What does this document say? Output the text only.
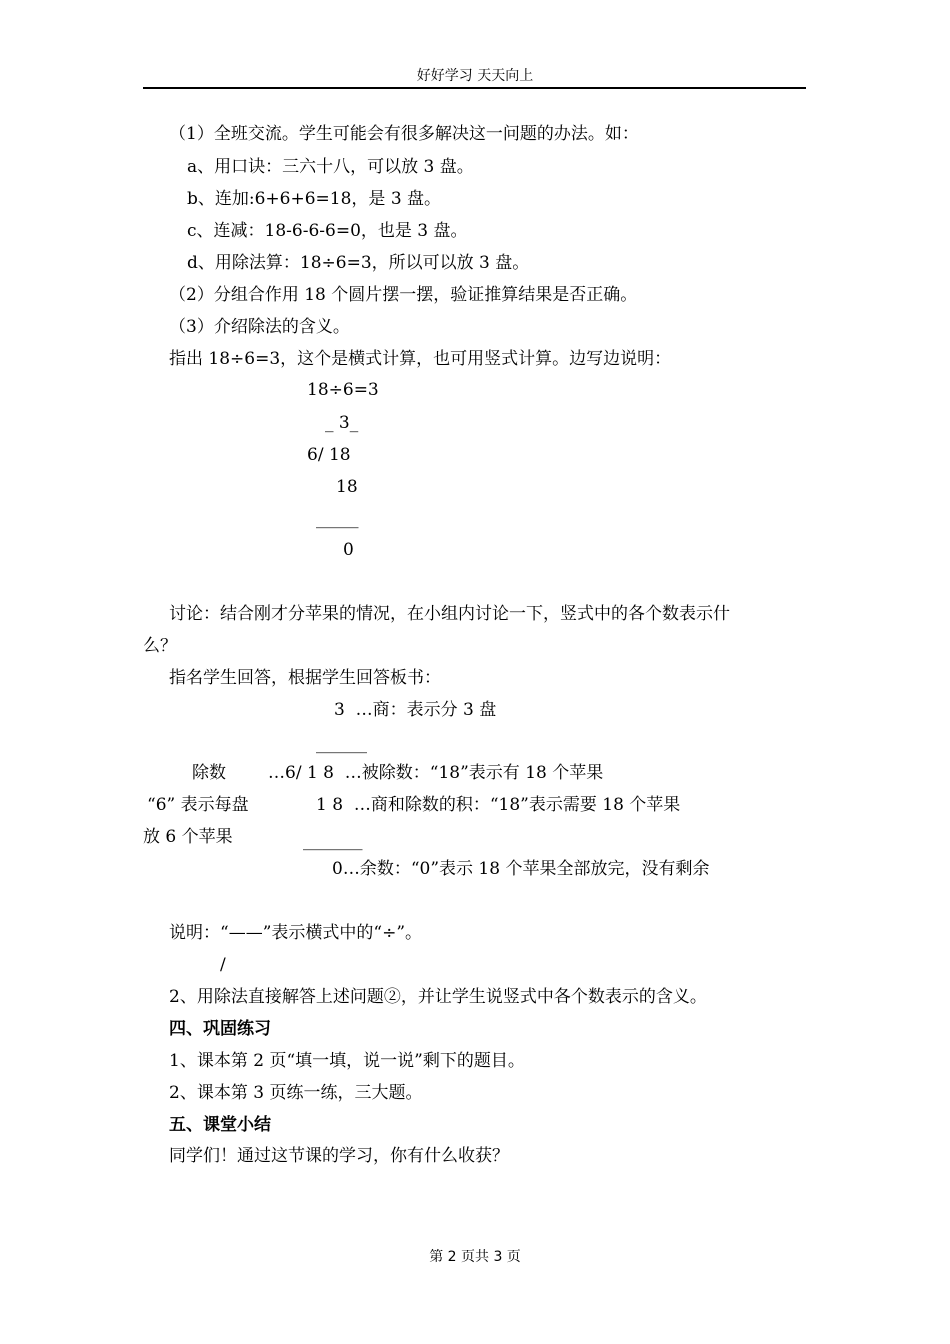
好好学习 天天向上
（1）全班交流。学生可能会有很多解决这一问题的办法。如：
a、用口诀：三六十八，可以放 3 盘。
b、连加:6+6+6=18，是 3 盘。
c、连减：18-6-6-6=0，也是 3 盘。
d、用除法算：18÷6=3，所以可以放 3 盘。
（2）分组合作用 18 个圆片摆一摆，验证推算结果是否正确。
（3）介绍除法的含义。
指出 18÷6=3，这个是横式计算，也可用竖式计算。边写边说明：
18÷6=3
_ 3_
6/ 18
18
_____
0
讨论：结合刚才分苹果的情况，在小组内讨论一下，竖式中的各个数表示什
么？
指名学生回答，根据学生回答板书：
3  …商：表示分 3 盘
______
除数 …6/ 1 8  …被除数：“18”表示有 18 个苹果
“6” 表示每盘	1 8  …商和除数的积：“18”表示需要 18 个苹果
放 6 个苹果	_______
0…余数：“0”表示 18 个苹果全部放完，没有剩余
说明：“——”表示横式中的“÷”。
/
2、用除法直接解答上述问题②，并让学生说竖式中各个数表示的含义。
四、巩固练习
1、课本第 2 页“填一填，说一说”剩下的题目。
2、课本第 3 页练一练，三大题。
五、课堂小结
同学们！通过这节课的学习，你有什么收获？
第 2 页共 3 页
